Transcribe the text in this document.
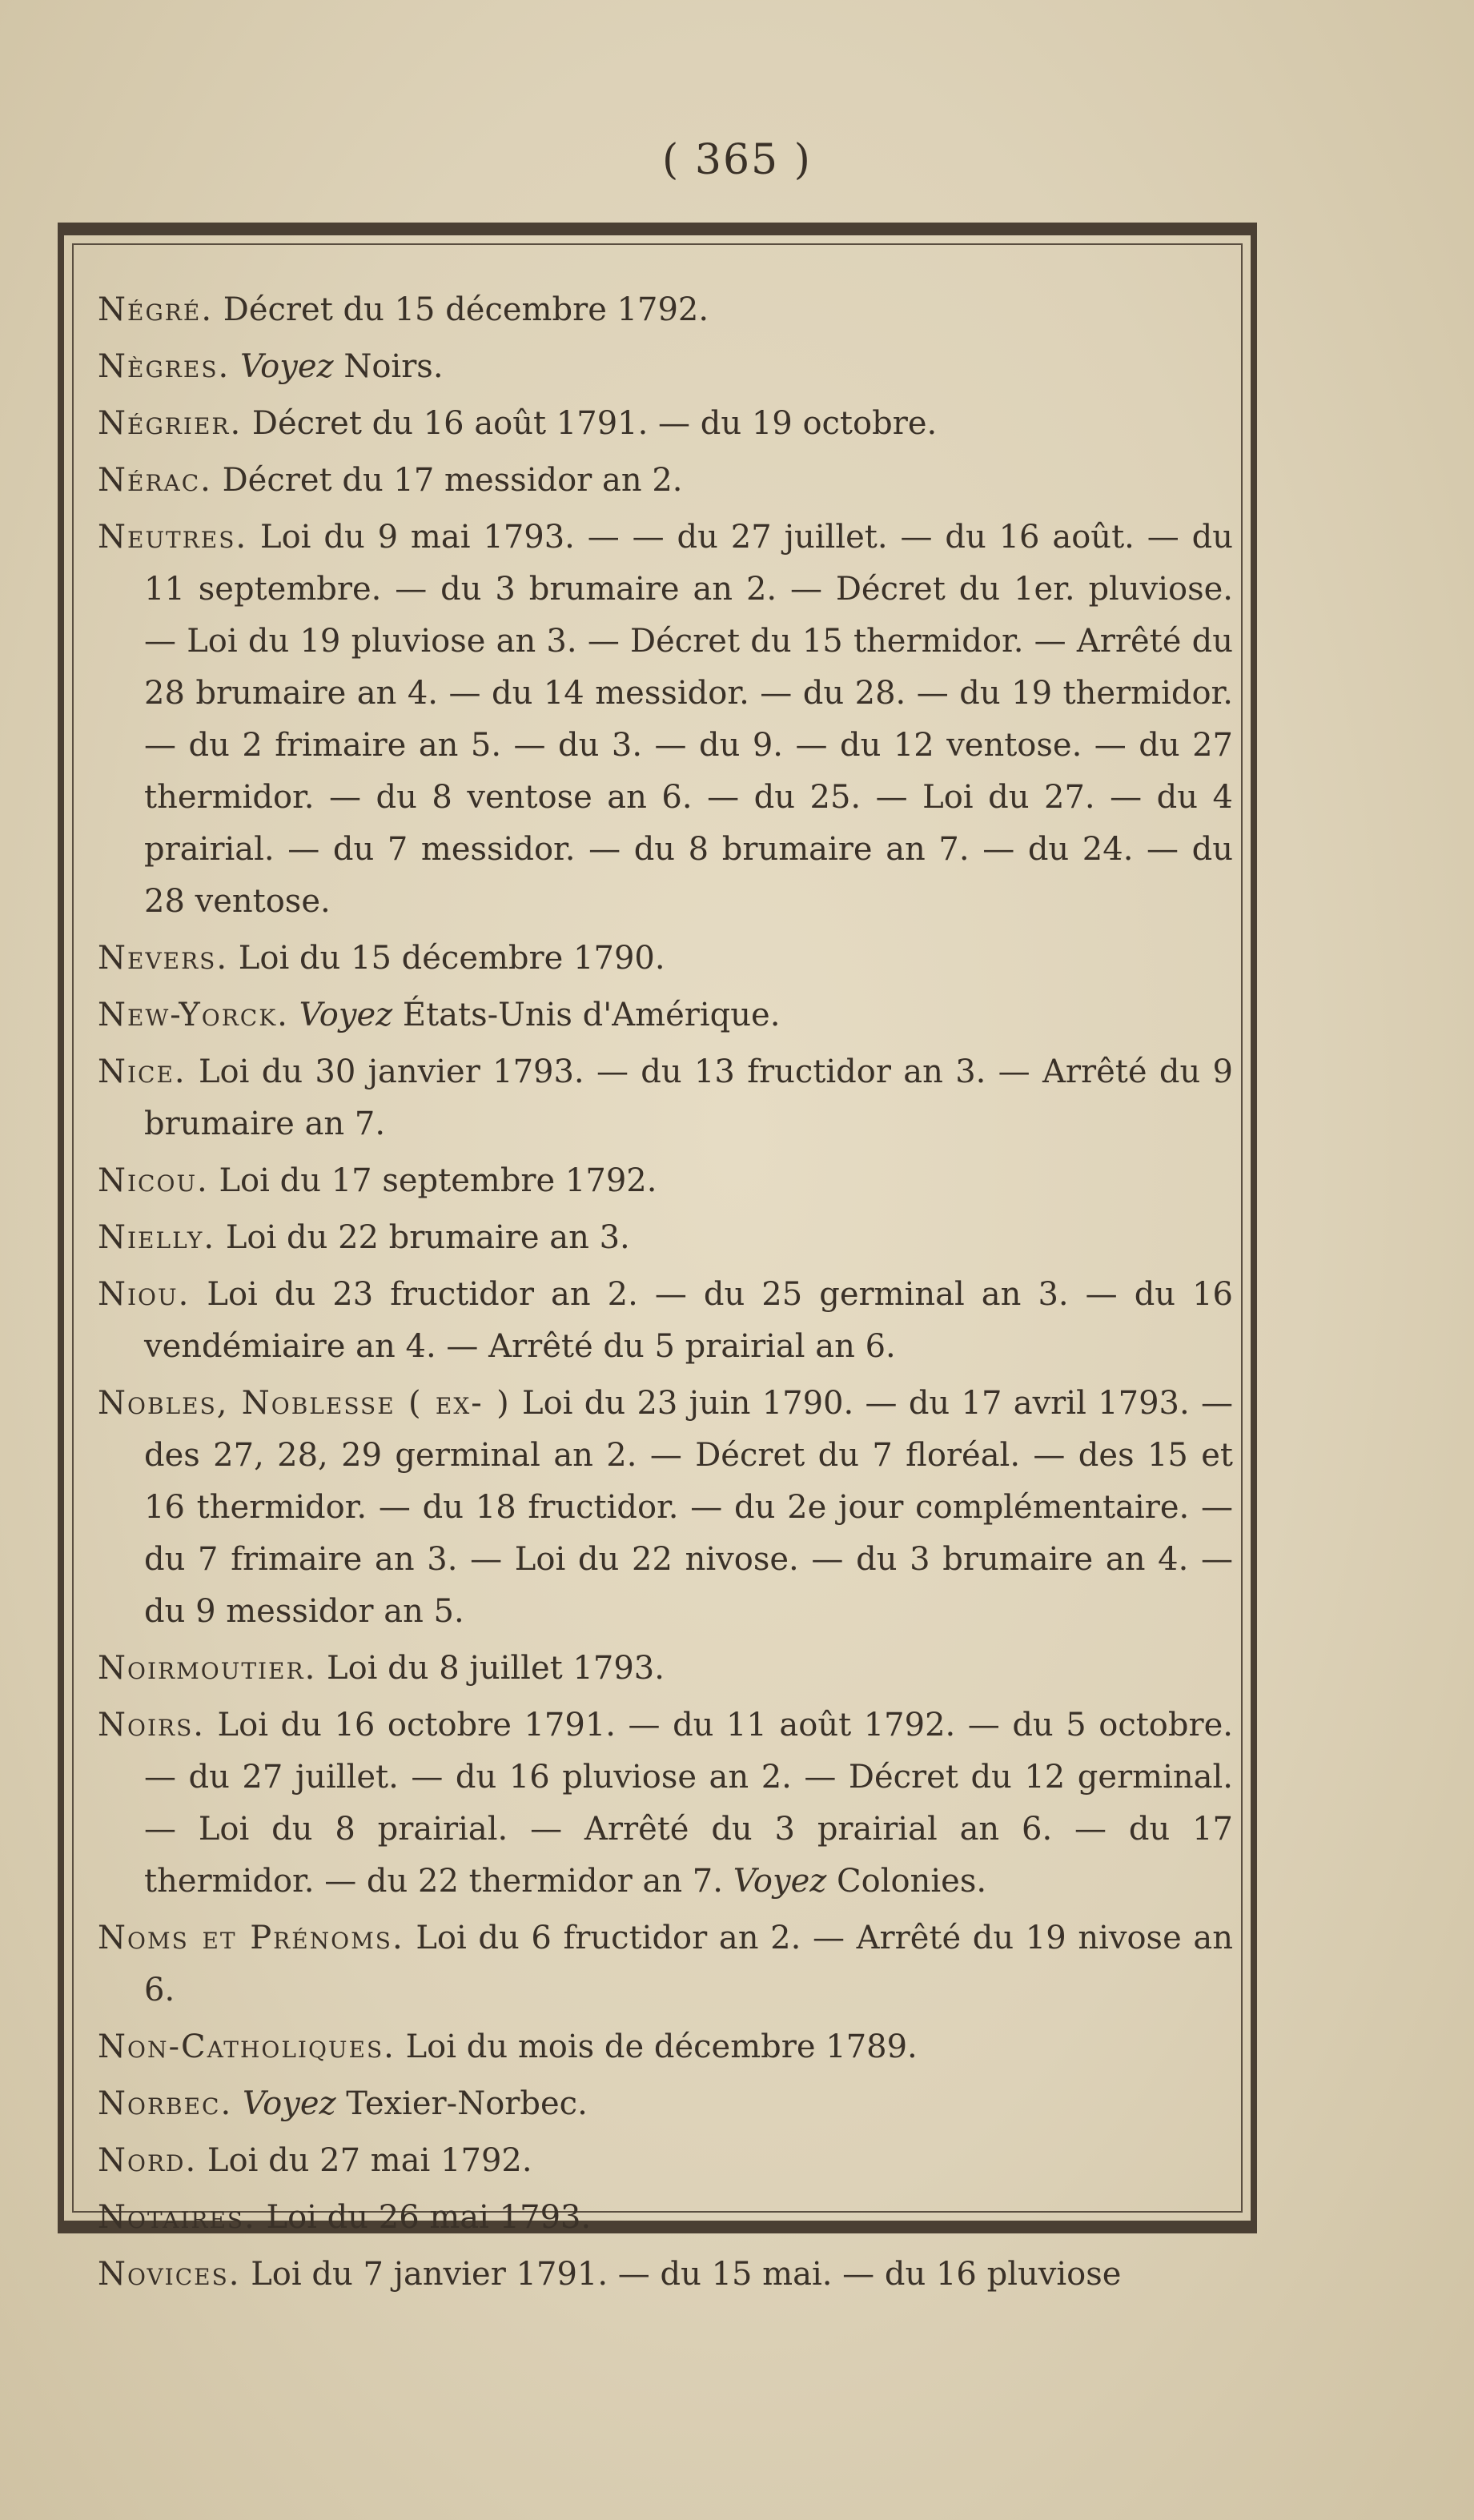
( 365 )
Négré. Décret du 15 décembre 1792.
Nègres. Voyez Noirs.
Négrier. Décret du 16 août 1791. — du 19 octobre.
Nérac. Décret du 17 messidor an 2.
Neutres. Loi du 9 mai 1793. — — du 27 juillet. — du 16 août. — du 11 septembre. — du 3 brumaire an 2. — Décret du 1er. pluviose. — Loi du 19 pluviose an 3. — Décret du 15 thermidor. — Arrêté du 28 brumaire an 4. — du 14 messidor. — du 28. — du 19 thermidor. — du 2 frimaire an 5. — du 3. — du 9. — du 12 ventose. — du 27 thermidor. — du 8 ventose an 6. — du 25. — Loi du 27. — du 4 prairial. — du 7 messidor. — du 8 brumaire an 7. — du 24. — du 28 ventose.
Nevers. Loi du 15 décembre 1790.
New-Yorck. Voyez États-Unis d'Amérique.
Nice. Loi du 30 janvier 1793. — du 13 fructidor an 3. — Arrêté du 9 brumaire an 7.
Nicou. Loi du 17 septembre 1792.
Nielly. Loi du 22 brumaire an 3.
Niou. Loi du 23 fructidor an 2. — du 25 germinal an 3. — du 16 vendémiaire an 4. — Arrêté du 5 prairial an 6.
Nobles, Noblesse ( ex- ) Loi du 23 juin 1790. — du 17 avril 1793. — des 27, 28, 29 germinal an 2. — Décret du 7 floréal. — des 15 et 16 thermidor. — du 18 fructidor. — du 2e jour complémentaire. — du 7 frimaire an 3. — Loi du 22 nivose. — du 3 brumaire an 4. — du 9 messidor an 5.
Noirmoutier. Loi du 8 juillet 1793.
Noirs. Loi du 16 octobre 1791. — du 11 août 1792. — du 5 octobre. — du 27 juillet. — du 16 pluviose an 2. — Décret du 12 germinal. — Loi du 8 prairial. — Arrêté du 3 prairial an 6. — du 17 thermidor. — du 22 thermidor an 7. Voyez Colonies.
Noms et Prénoms. Loi du 6 fructidor an 2. — Arrêté du 19 nivose an 6.
Non-Catholiques. Loi du mois de décembre 1789.
Norbec. Voyez Texier-Norbec.
Nord. Loi du 27 mai 1792.
Notaires. Loi du 26 mai 1793.
Novices. Loi du 7 janvier 1791. — du 15 mai. — du 16 pluviose
